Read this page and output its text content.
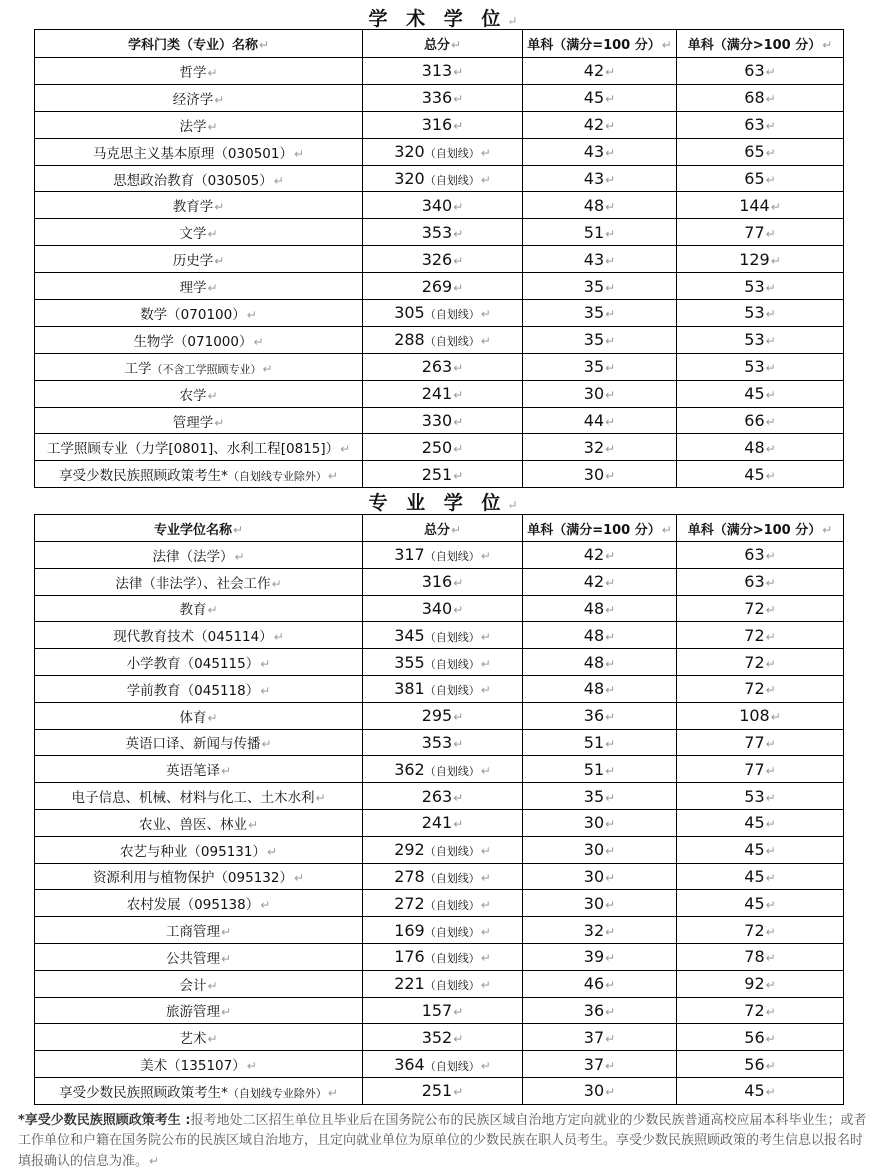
学 术 学 位↵
学科门类（专业）名称↵	总分↵	单科（满分=100 分）↵	单科（满分>100 分）↵
哲学↵	313↵	42↵	63↵
经济学↵	336↵	45↵	68↵
法学↵	316↵	42↵	63↵
马克思主义基本原理（030501）↵	320（自划线）↵	43↵	65↵
思想政治教育（030505）↵	320（自划线）↵	43↵	65↵
教育学↵	340↵	48↵	144↵
文学↵	353↵	51↵	77↵
历史学↵	326↵	43↵	129↵
理学↵	269↵	35↵	53↵
数学（070100）↵	305（自划线）↵	35↵	53↵
生物学（071000）↵	288（自划线）↵	35↵	53↵
工学（不含工学照顾专业）↵	263↵	35↵	53↵
农学↵	241↵	30↵	45↵
管理学↵	330↵	44↵	66↵
工学照顾专业（力学[0801]、水利工程[0815]）↵	250↵	32↵	48↵
享受少数民族照顾政策考生*（自划线专业除外）↵	251↵	30↵	45↵
专 业 学 位↵
专业学位名称↵	总分↵	单科（满分=100 分）↵	单科（满分>100 分）↵
法律（法学）↵	317（自划线）↵	42↵	63↵
法律（非法学）、社会工作↵	316↵	42↵	63↵
教育↵	340↵	48↵	72↵
现代教育技术（045114）↵	345（自划线）↵	48↵	72↵
小学教育（045115）↵	355（自划线）↵	48↵	72↵
学前教育（045118）↵	381（自划线）↵	48↵	72↵
体育↵	295↵	36↵	108↵
英语口译、新闻与传播↵	353↵	51↵	77↵
英语笔译↵	362（自划线）↵	51↵	77↵
电子信息、机械、材料与化工、土木水利↵	263↵	35↵	53↵
农业、兽医、林业↵	241↵	30↵	45↵
农艺与种业（095131）↵	292（自划线）↵	30↵	45↵
资源利用与植物保护（095132）↵	278（自划线）↵	30↵	45↵
农村发展（095138）↵	272（自划线）↵	30↵	45↵
工商管理↵	169（自划线）↵	32↵	72↵
公共管理↵	176（自划线）↵	39↵	78↵
会计↵	221（自划线）↵	46↵	92↵
旅游管理↵	157↵	36↵	72↵
艺术↵	352↵	37↵	56↵
美术（135107）↵	364（自划线）↵	37↵	56↵
享受少数民族照顾政策考生*（自划线专业除外）↵	251↵	30↵	45↵
*享受少数民族照顾政策考生 :报考地处二区招生单位且毕业后在国务院公布的民族区域自治地方定向就业的少数民族普通高校应届本科毕业生；或者工作单位和户籍在国务院公布的民族区域自治地方，且定向就业单位为原单位的少数民族在职人员考生。享受少数民族照顾政策的考生信息以报名时填报确认的信息为准。↵
